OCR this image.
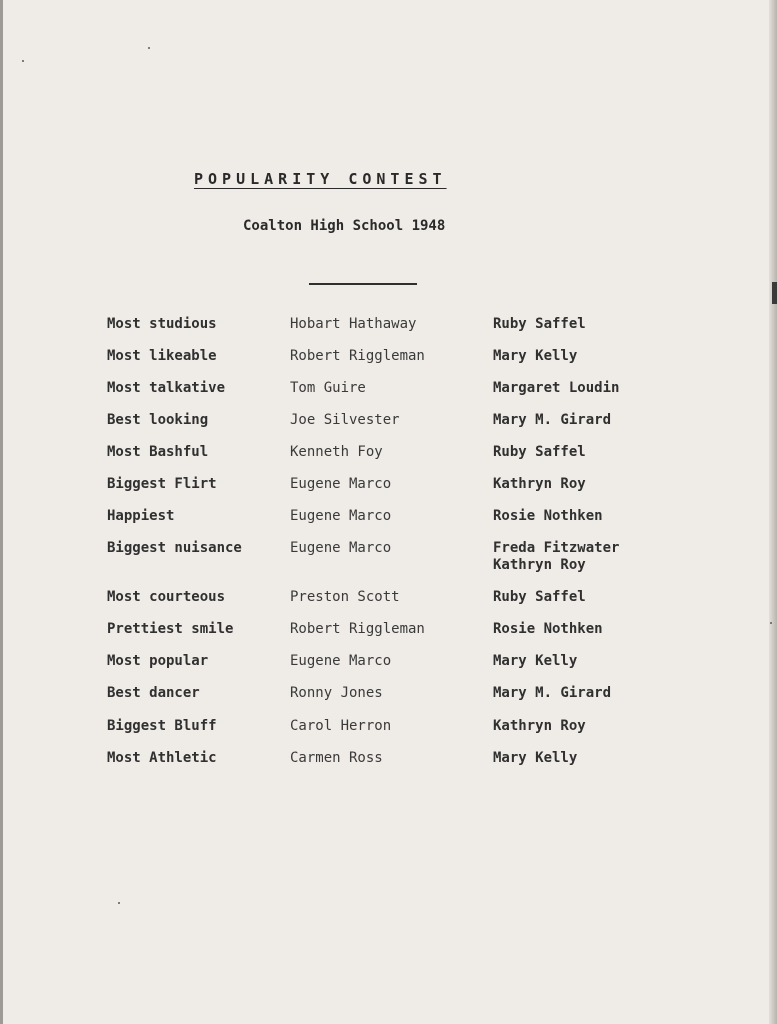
POPULARITY CONTEST
Coalton High School 1948
Most studious	Hobart Hathaway	Ruby Saffel
Most likeable	Robert Riggleman	Mary Kelly
Most talkative	Tom Guire	Margaret Loudin
Best looking	Joe Silvester	Mary M. Girard
Most Bashful	Kenneth Foy	Ruby Saffel
Biggest Flirt	Eugene Marco	Kathryn Roy
Happiest	Eugene Marco	Rosie Nothken
Biggest nuisance	Eugene Marco	Freda Fitzwater
Kathryn Roy
Most courteous	Preston Scott	Ruby Saffel
Prettiest smile	Robert Riggleman	Rosie Nothken
Most popular	Eugene Marco	Mary Kelly
Best dancer	Ronny Jones	Mary M. Girard
Biggest Bluff	Carol Herron	Kathryn Roy
Most Athletic	Carmen Ross	Mary Kelly
